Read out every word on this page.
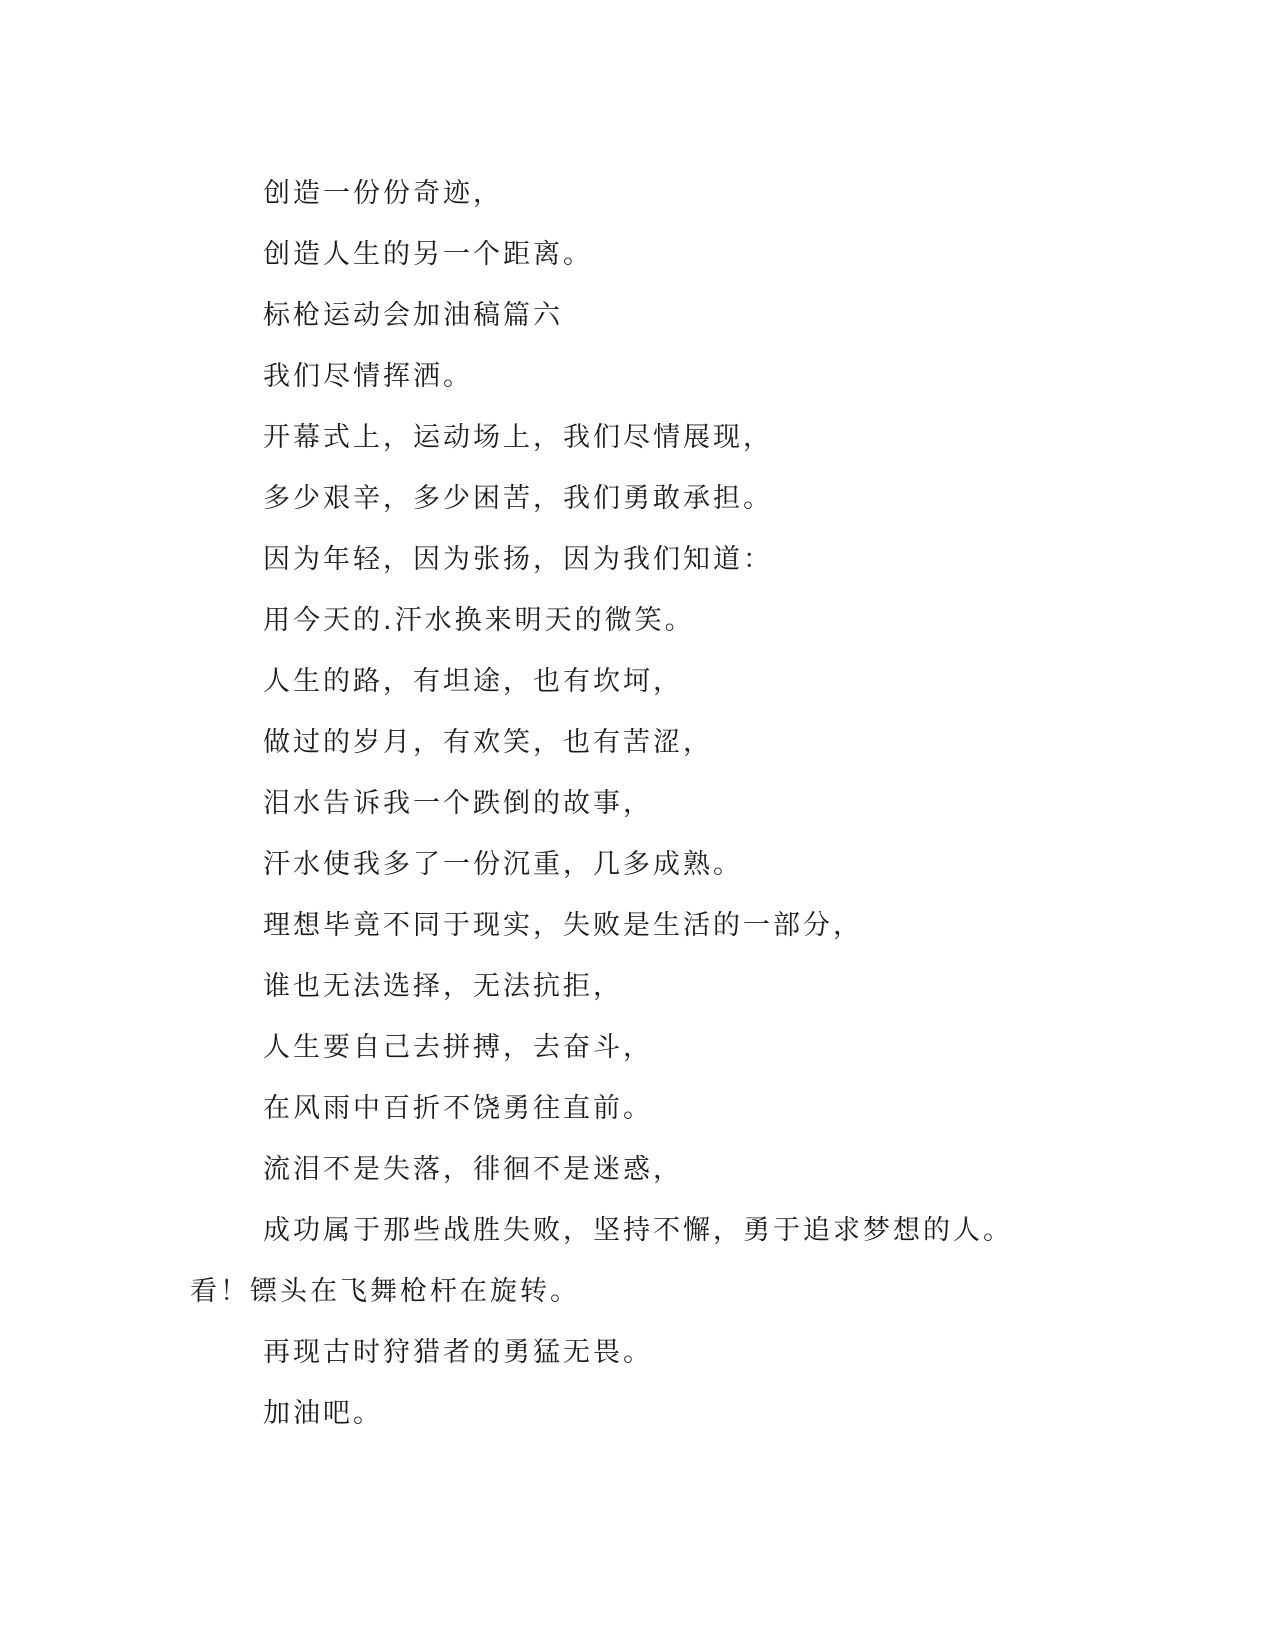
创造一份份奇迹，

创造人生的另一个距离。

标枪运动会加油稿篇六

我们尽情挥洒。

开幕式上，运动场上，我们尽情展现，

多少艰辛，多少困苦，我们勇敢承担。

因为年轻，因为张扬，因为我们知道：

用今天的.汗水换来明天的微笑。

人生的路，有坦途，也有坎坷，

做过的岁月，有欢笑，也有苦涩，

泪水告诉我一个跌倒的故事，

汗水使我多了一份沉重，几多成熟。

理想毕竟不同于现实，失败是生活的一部分，

谁也无法选择，无法抗拒，

人生要自己去拼搏，去奋斗，

在风雨中百折不饶勇往直前。

流泪不是失落，徘徊不是迷惑，

成功属于那些战胜失败，坚持不懈，勇于追求梦想的人。看！镖头在飞舞枪杆在旋转。

再现古时狩猎者的勇猛无畏。

加油吧。
